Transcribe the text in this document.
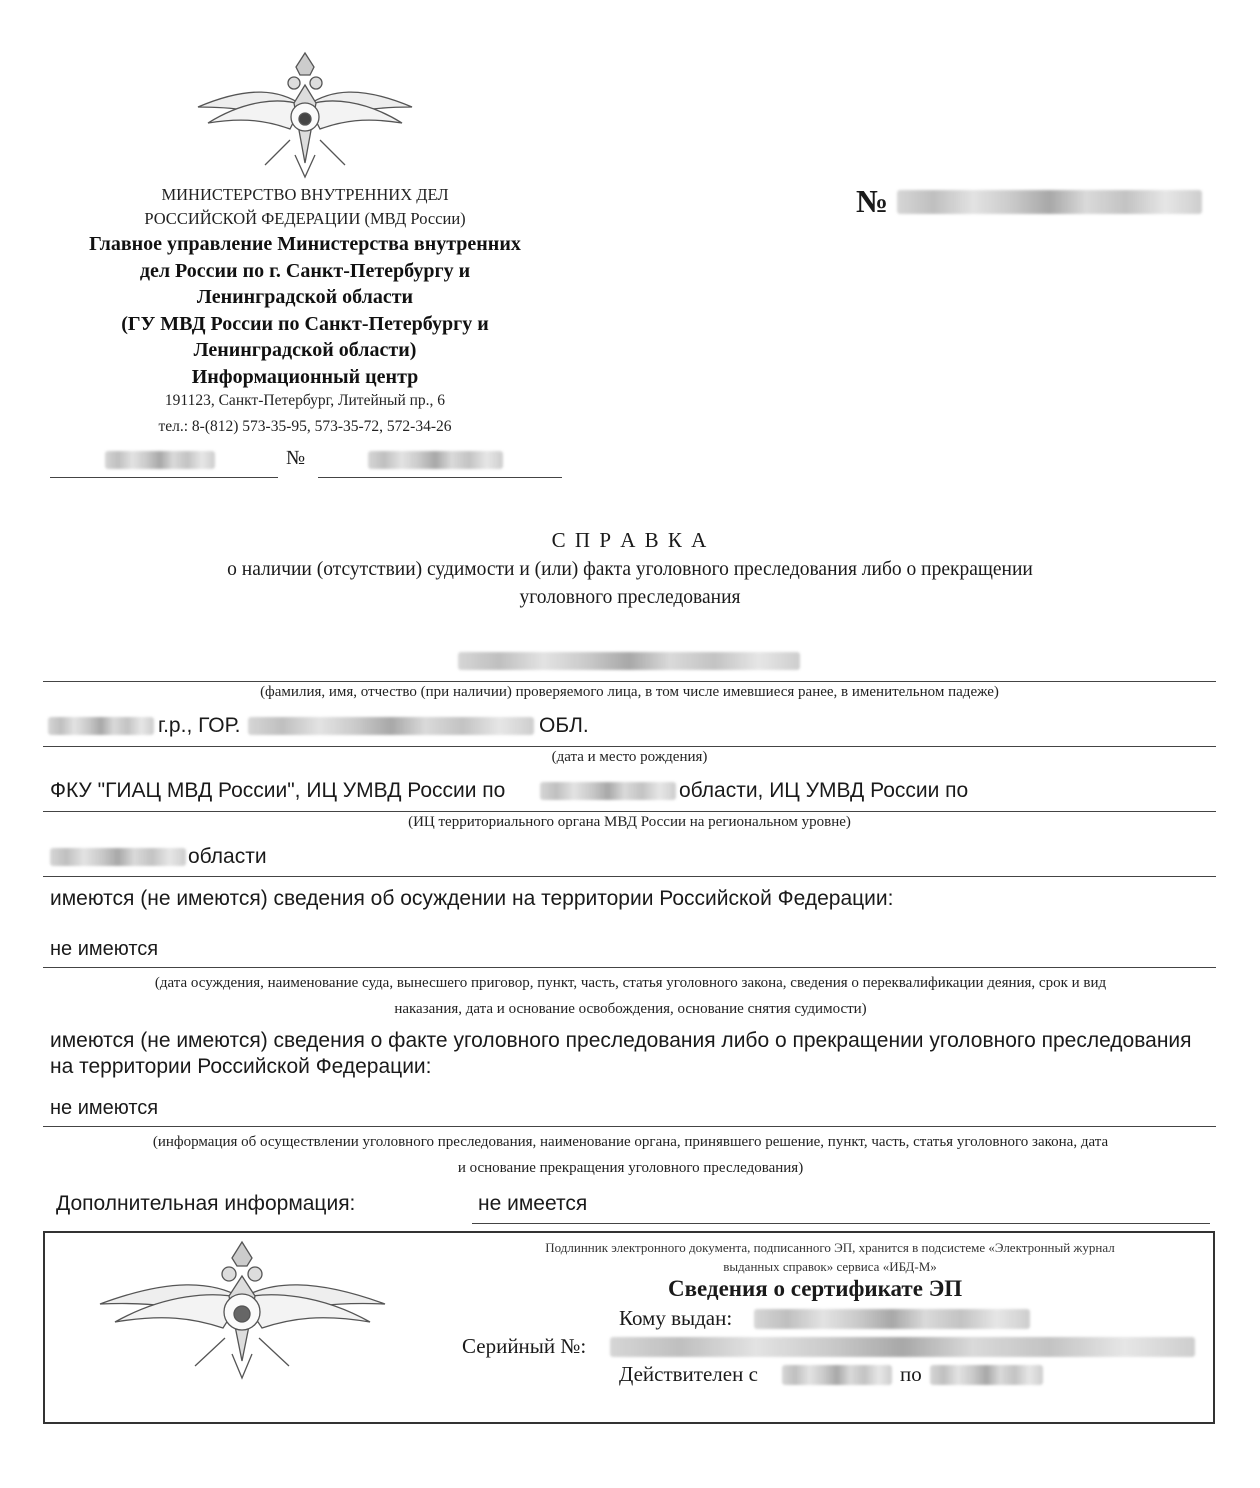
МИНИСТЕРСТВО ВНУТРЕННИХ ДЕЛ
РОССИЙСКОЙ ФЕДЕРАЦИИ (МВД России)
Главное управление Министерства внутренних
дел России по г. Санкт-Петербургу и
Ленинградской области
(ГУ МВД России по Санкт-Петербургу и
Ленинградской области)
Информационный центр
191123, Санкт-Петербург, Литейный пр., 6
тел.: 8-(812) 573-35-95, 573-35-72, 572-34-26
№
№
С П Р А В К А
о наличии (отсутствии) судимости и (или) факта уголовного преследования либо о прекращении
уголовного преследования
(фамилия, имя, отчество (при наличии) проверяемого лица, в том числе имевшиеся ранее, в именительном падеже)
г.р., ГОР.	ОБЛ.
(дата и место рождения)
ФКУ "ГИАЦ МВД России", ИЦ УМВД России по	области, ИЦ УМВД России по
(ИЦ территориального органа МВД России на региональном уровне)
области
имеются (не имеются) сведения об осуждении на территории Российской Федерации:
не имеются
(дата осуждения, наименование суда, вынесшего приговор, пункт, часть, статья уголовного закона, сведения о переквалификации деяния, срок и вид
наказания, дата и основание освобождения, основание снятия судимости)
имеются (не имеются) сведения о факте уголовного преследования либо о прекращении уголовного преследования
на территории Российской Федерации:
не имеются
(информация об осуществлении уголовного преследования, наименование органа, принявшего решение, пункт, часть, статья уголовного закона, дата
и основание прекращения уголовного преследования)
Дополнительная информация:	не имеется
Подлинник электронного документа, подписанного ЭП, хранится в подсистеме «Электронный журнал
выданных справок» сервиса «ИБД-М»
Сведения о сертификате ЭП
Кому выдан:
Серийный №:
Действителен с	по
